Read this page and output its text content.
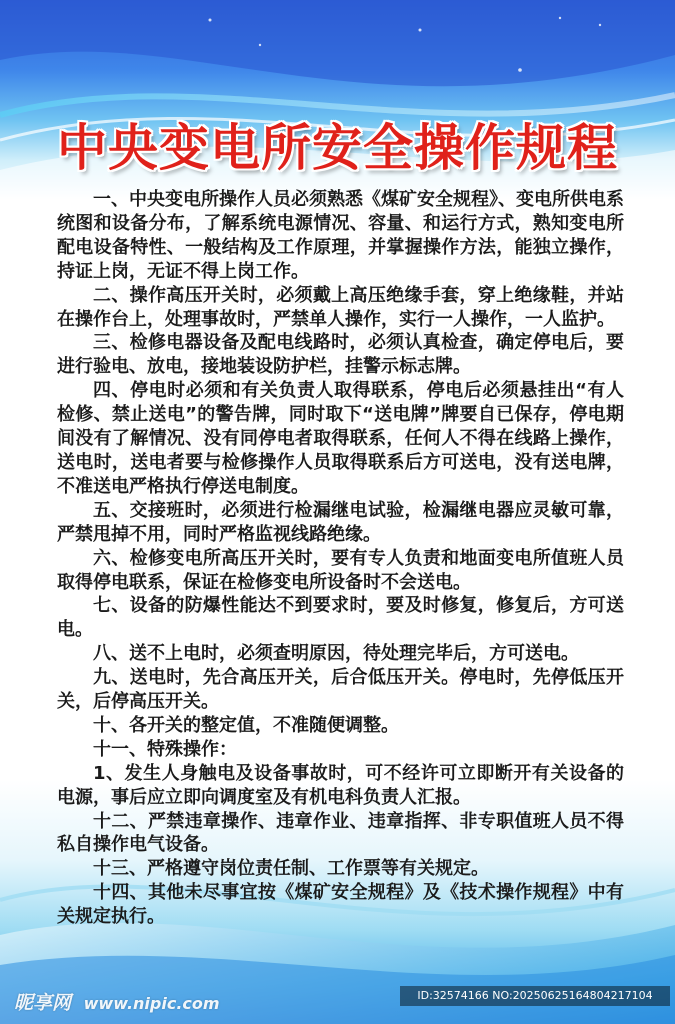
中央变电所安全操作规程

一、中央变电所操作人员必须熟悉《煤矿安全规程》、变电所供电系统图和设备分布，了解系统电源情况、容量、和运行方式，熟知变电所配电设备特性、一般结构及工作原理，并掌握操作方法，能独立操作，持证上岗，无证不得上岗工作。

二、操作高压开关时，必须戴上高压绝缘手套，穿上绝缘鞋，并站在操作台上，处理事故时，严禁单人操作，实行一人操作，一人监护。

三、检修电器设备及配电线路时，必须认真检查，确定停电后，要进行验电、放电，接地装设防护栏，挂警示标志牌。

四、停电时必须和有关负责人取得联系，停电后必须悬挂出“有人检修、禁止送电”的警告牌，同时取下“送电牌”牌要自已保存，停电期间没有了解情况、没有同停电者取得联系，任何人不得在线路上操作，送电时，送电者要与检修操作人员取得联系后方可送电，没有送电牌，不准送电严格执行停送电制度。

五、交接班时，必须进行检漏继电试验，检漏继电器应灵敏可靠，严禁甩掉不用，同时严格监视线路绝缘。

六、检修变电所高压开关时，要有专人负责和地面变电所值班人员取得停电联系，保证在检修变电所设备时不会送电。

七、设备的防爆性能达不到要求时，要及时修复，修复后，方可送电。

八、送不上电时，必须查明原因，待处理完毕后，方可送电。

九、送电时，先合高压开关，后合低压开关。停电时，先停低压开关，后停高压开关。

十、各开关的整定值，不准随便调整。

十一、特殊操作：

1、发生人身触电及设备事故时，可不经许可立即断开有关设备的电源，事后应立即向调度室及有机电科负责人汇报。

十二、严禁违章操作、违章作业、违章指挥、非专职值班人员不得私自操作电气设备。

十三、严格遵守岗位责任制、工作票等有关规定。

十四、其他未尽事宜按《煤矿安全规程》及《技术操作规程》中有关规定执行。

昵享网 www.nipic.com	ID:32574166 NO:20250625164804217104
